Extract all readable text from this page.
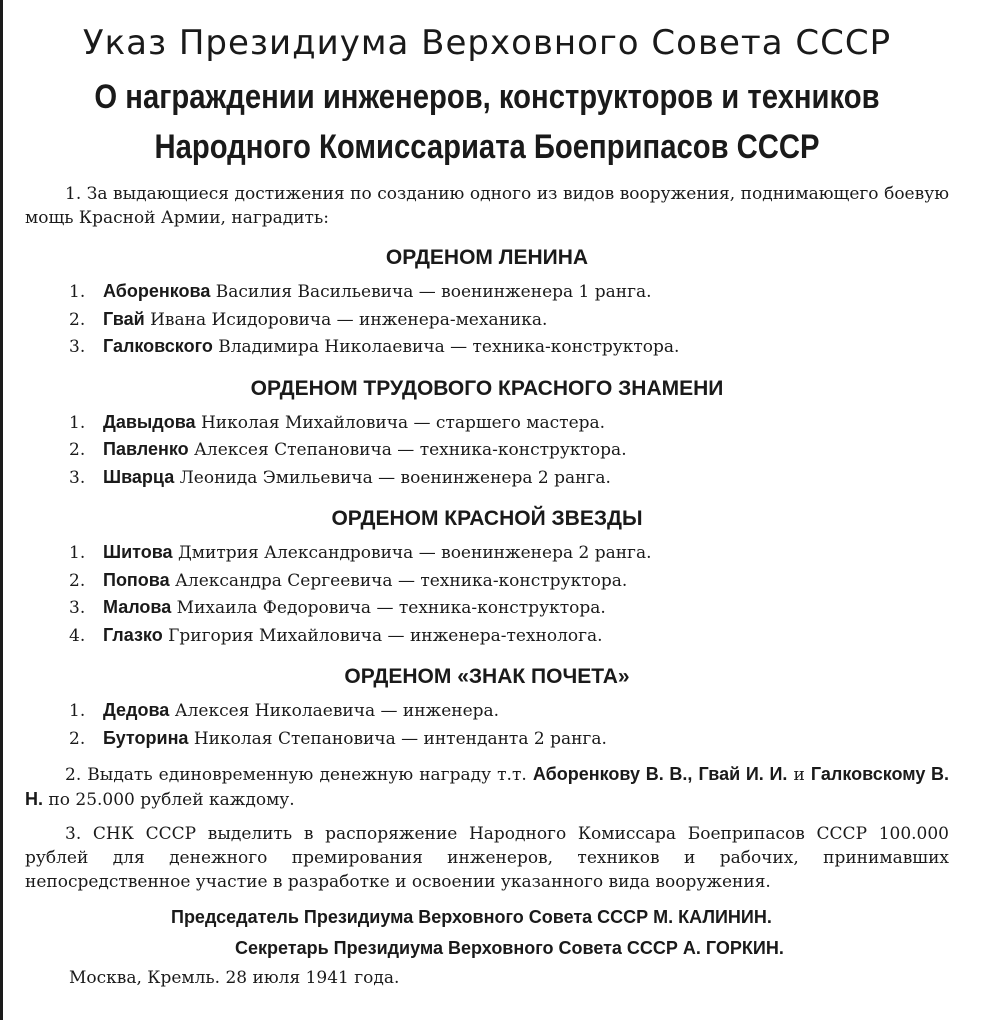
Указ Президиума Верховного Совета СССР
О награждении инженеров, конструкторов и техников
Народного Комиссариата Боеприпасов СССР

1. За выдающиеся достижения по созданию одного из видов вооружения, поднимающего боевую мощь Красной Армии, наградить:

ОРДЕНОМ ЛЕНИНА
1. Аборенкова Василия Васильевича — военинженера 1 ранга.
2. Гвай Ивана Исидоровича — инженера-механика.
3. Галковского Владимира Николаевича — техника-конструктора.
ОРДЕНОМ ТРУДОВОГО КРАСНОГО ЗНАМЕНИ
1. Давыдова Николая Михайловича — старшего мастера.
2. Павленко Алексея Степановича — техника-конструктора.
3. Шварца Леонида Эмильевича — военинженера 2 ранга.
ОРДЕНОМ КРАСНОЙ ЗВЕЗДЫ
1. Шитова Дмитрия Александровича — военинженера 2 ранга.
2. Попова Александра Сергеевича — техника-конструктора.
3. Малова Михаила Федоровича — техника-конструктора.
4. Глазко Григория Михайловича — инженера-технолога.
ОРДЕНОМ «ЗНАК ПОЧЕТА»
1. Дедова Алексея Николаевича — инженера.
2. Буторина Николая Степановича — интенданта 2 ранга.

2. Выдать единовременную денежную награду т.т. Аборенкову В. В., Гвай И. И. и Галковскому В. Н. по 25.000 рублей каждому.

3. СНК СССР выделить в распоряжение Народного Комиссара Боеприпасов СССР 100.000 рублей для денежного премирования инженеров, техников и рабочих, принимавших непосредственное участие в разработке и освоении указанного вида вооружения.

Председатель Президиума Верховного Совета СССР М. КАЛИНИН.
Секретарь Президиума Верховного Совета СССР А. ГОРКИН.
Москва, Кремль. 28 июля 1941 года.
